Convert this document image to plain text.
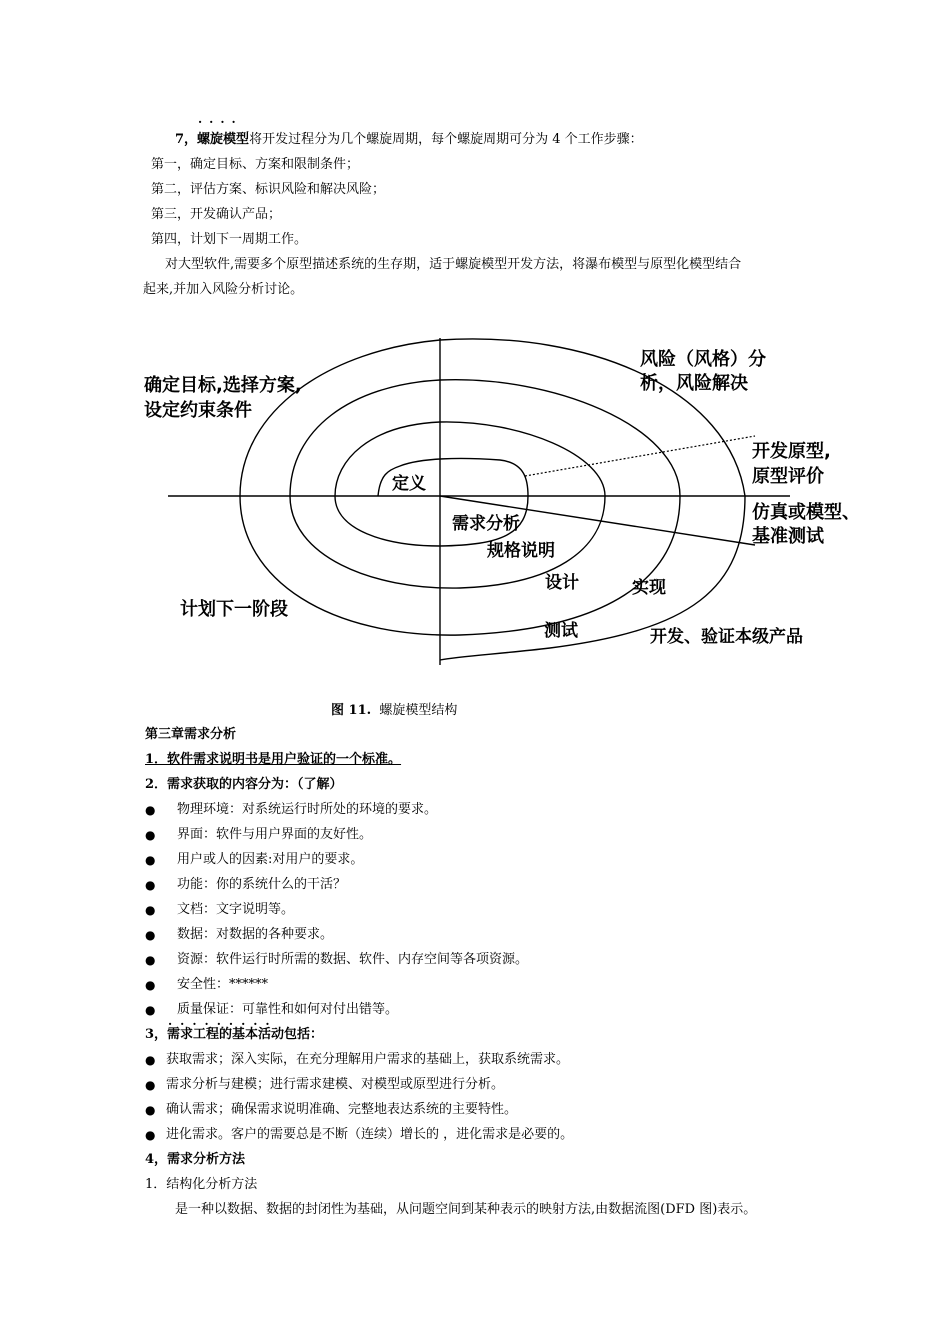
····
7，螺旋模型将开发过程分为几个螺旋周期，每个螺旋周期可分为 4 个工作步骤：
第一，确定目标、方案和限制条件；
第二，评估方案、标识风险和解决风险；
第三，开发确认产品；
第四，计划下一周期工作。
对大型软件,需要多个原型描述系统的生存期，适于螺旋模型开发方法，将瀑布模型与原型化模型结合
起来,并加入风险分析讨论。
确定目标,选择方案,
设定约束条件
风险（风格）分
析，风险解决
开发原型,
原型评价
仿真或模型、
基准测试
定义
需求分析
规格说明
设计	实现
测试
计划下一阶段
开发、验证本级产品
图 11. 螺旋模型结构
第三章需求分析
1．软件需求说明书是用户验证的一个标准。
2．需求获取的内容分为：（了解）
● 物理环境：对系统运行时所处的环境的要求。
● 界面：软件与用户界面的友好性。
● 用户或人的因素:对用户的要求。
● 功能：你的系统什么的干活？
● 文档：文字说明等。
● 数据：对数据的各种要求。
● 资源：软件运行时所需的数据、软件、内存空间等各项资源。
● 安全性：******
● 质量保证：可靠性和如何对付出错等。
·········
3，需求工程的基本活动包括：
● 获取需求；深入实际，在充分理解用户需求的基础上，获取系统需求。
● 需求分析与建模；进行需求建模、对模型或原型进行分析。
● 确认需求；确保需求说明准确、完整地表达系统的主要特性。
● 进化需求。客户的需要总是不断（连续）增长的 ，进化需求是必要的。
4，需求分析方法
1．结构化分析方法
是一种以数据、数据的封闭性为基础，从问题空间到某种表示的映射方法,由数据流图(DFD 图)表示。
